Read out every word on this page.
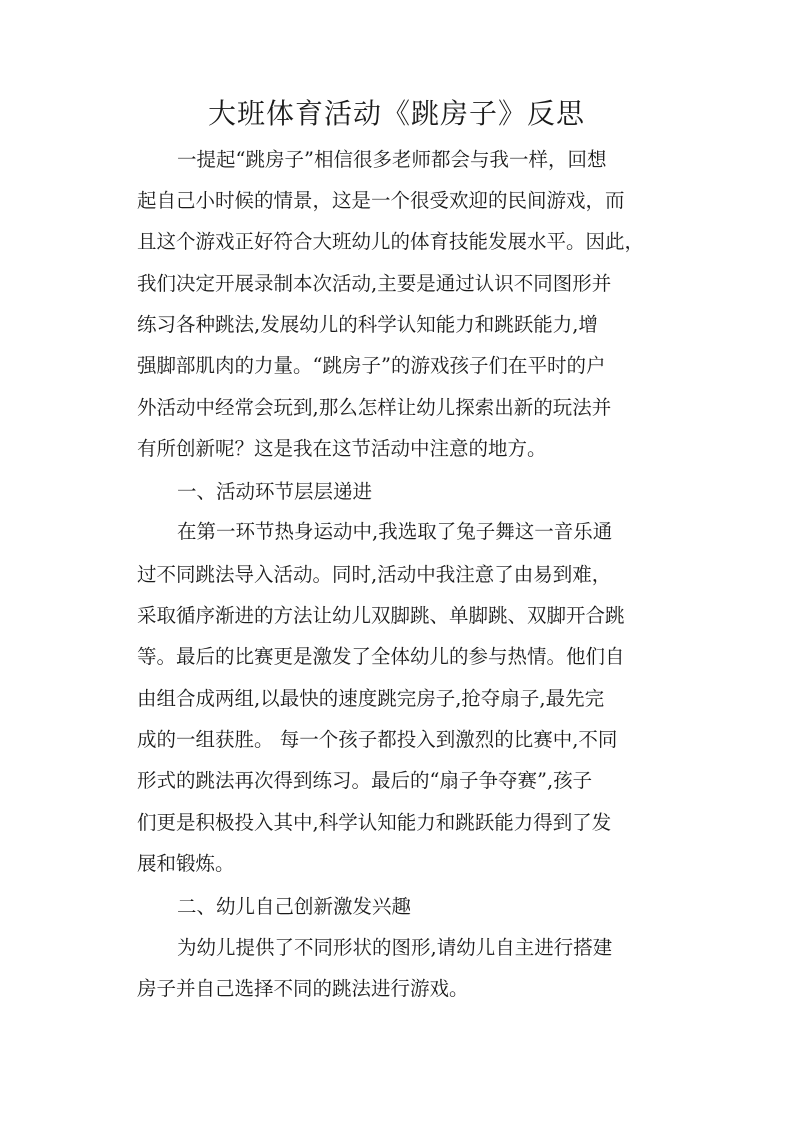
大班体育活动《跳房子》反思

一提起“跳房子”相信很多老师都会与我一样，回想

起自己小时候的情景，这是一个很受欢迎的民间游戏，而

且这个游戏正好符合大班幼儿的体育技能发展水平。因此，

我们决定开展录制本次活动,主要是通过认识不同图形并

练习各种跳法,发展幼儿的科学认知能力和跳跃能力,增

强脚部肌肉的力量。“跳房子”的游戏孩子们在平时的户

外活动中经常会玩到,那么怎样让幼儿探索出新的玩法并

有所创新呢？这是我在这节活动中注意的地方。

一、活动环节层层递进

在第一环节热身运动中,我选取了兔子舞这一音乐通

过不同跳法导入活动。同时,活动中我注意了由易到难，

采取循序渐进的方法让幼儿双脚跳、单脚跳、双脚开合跳

等。最后的比赛更是激发了全体幼儿的参与热情。他们自

由组合成两组,以最快的速度跳完房子,抢夺扇子,最先完

成的一组获胜。 每一个孩子都投入到激烈的比赛中,不同

形式的跳法再次得到练习。最后的“扇子争夺赛”,孩子

们更是积极投入其中,科学认知能力和跳跃能力得到了发

展和锻炼。

二、幼儿自己创新激发兴趣

为幼儿提供了不同形状的图形,请幼儿自主进行搭建

房子并自己选择不同的跳法进行游戏。
